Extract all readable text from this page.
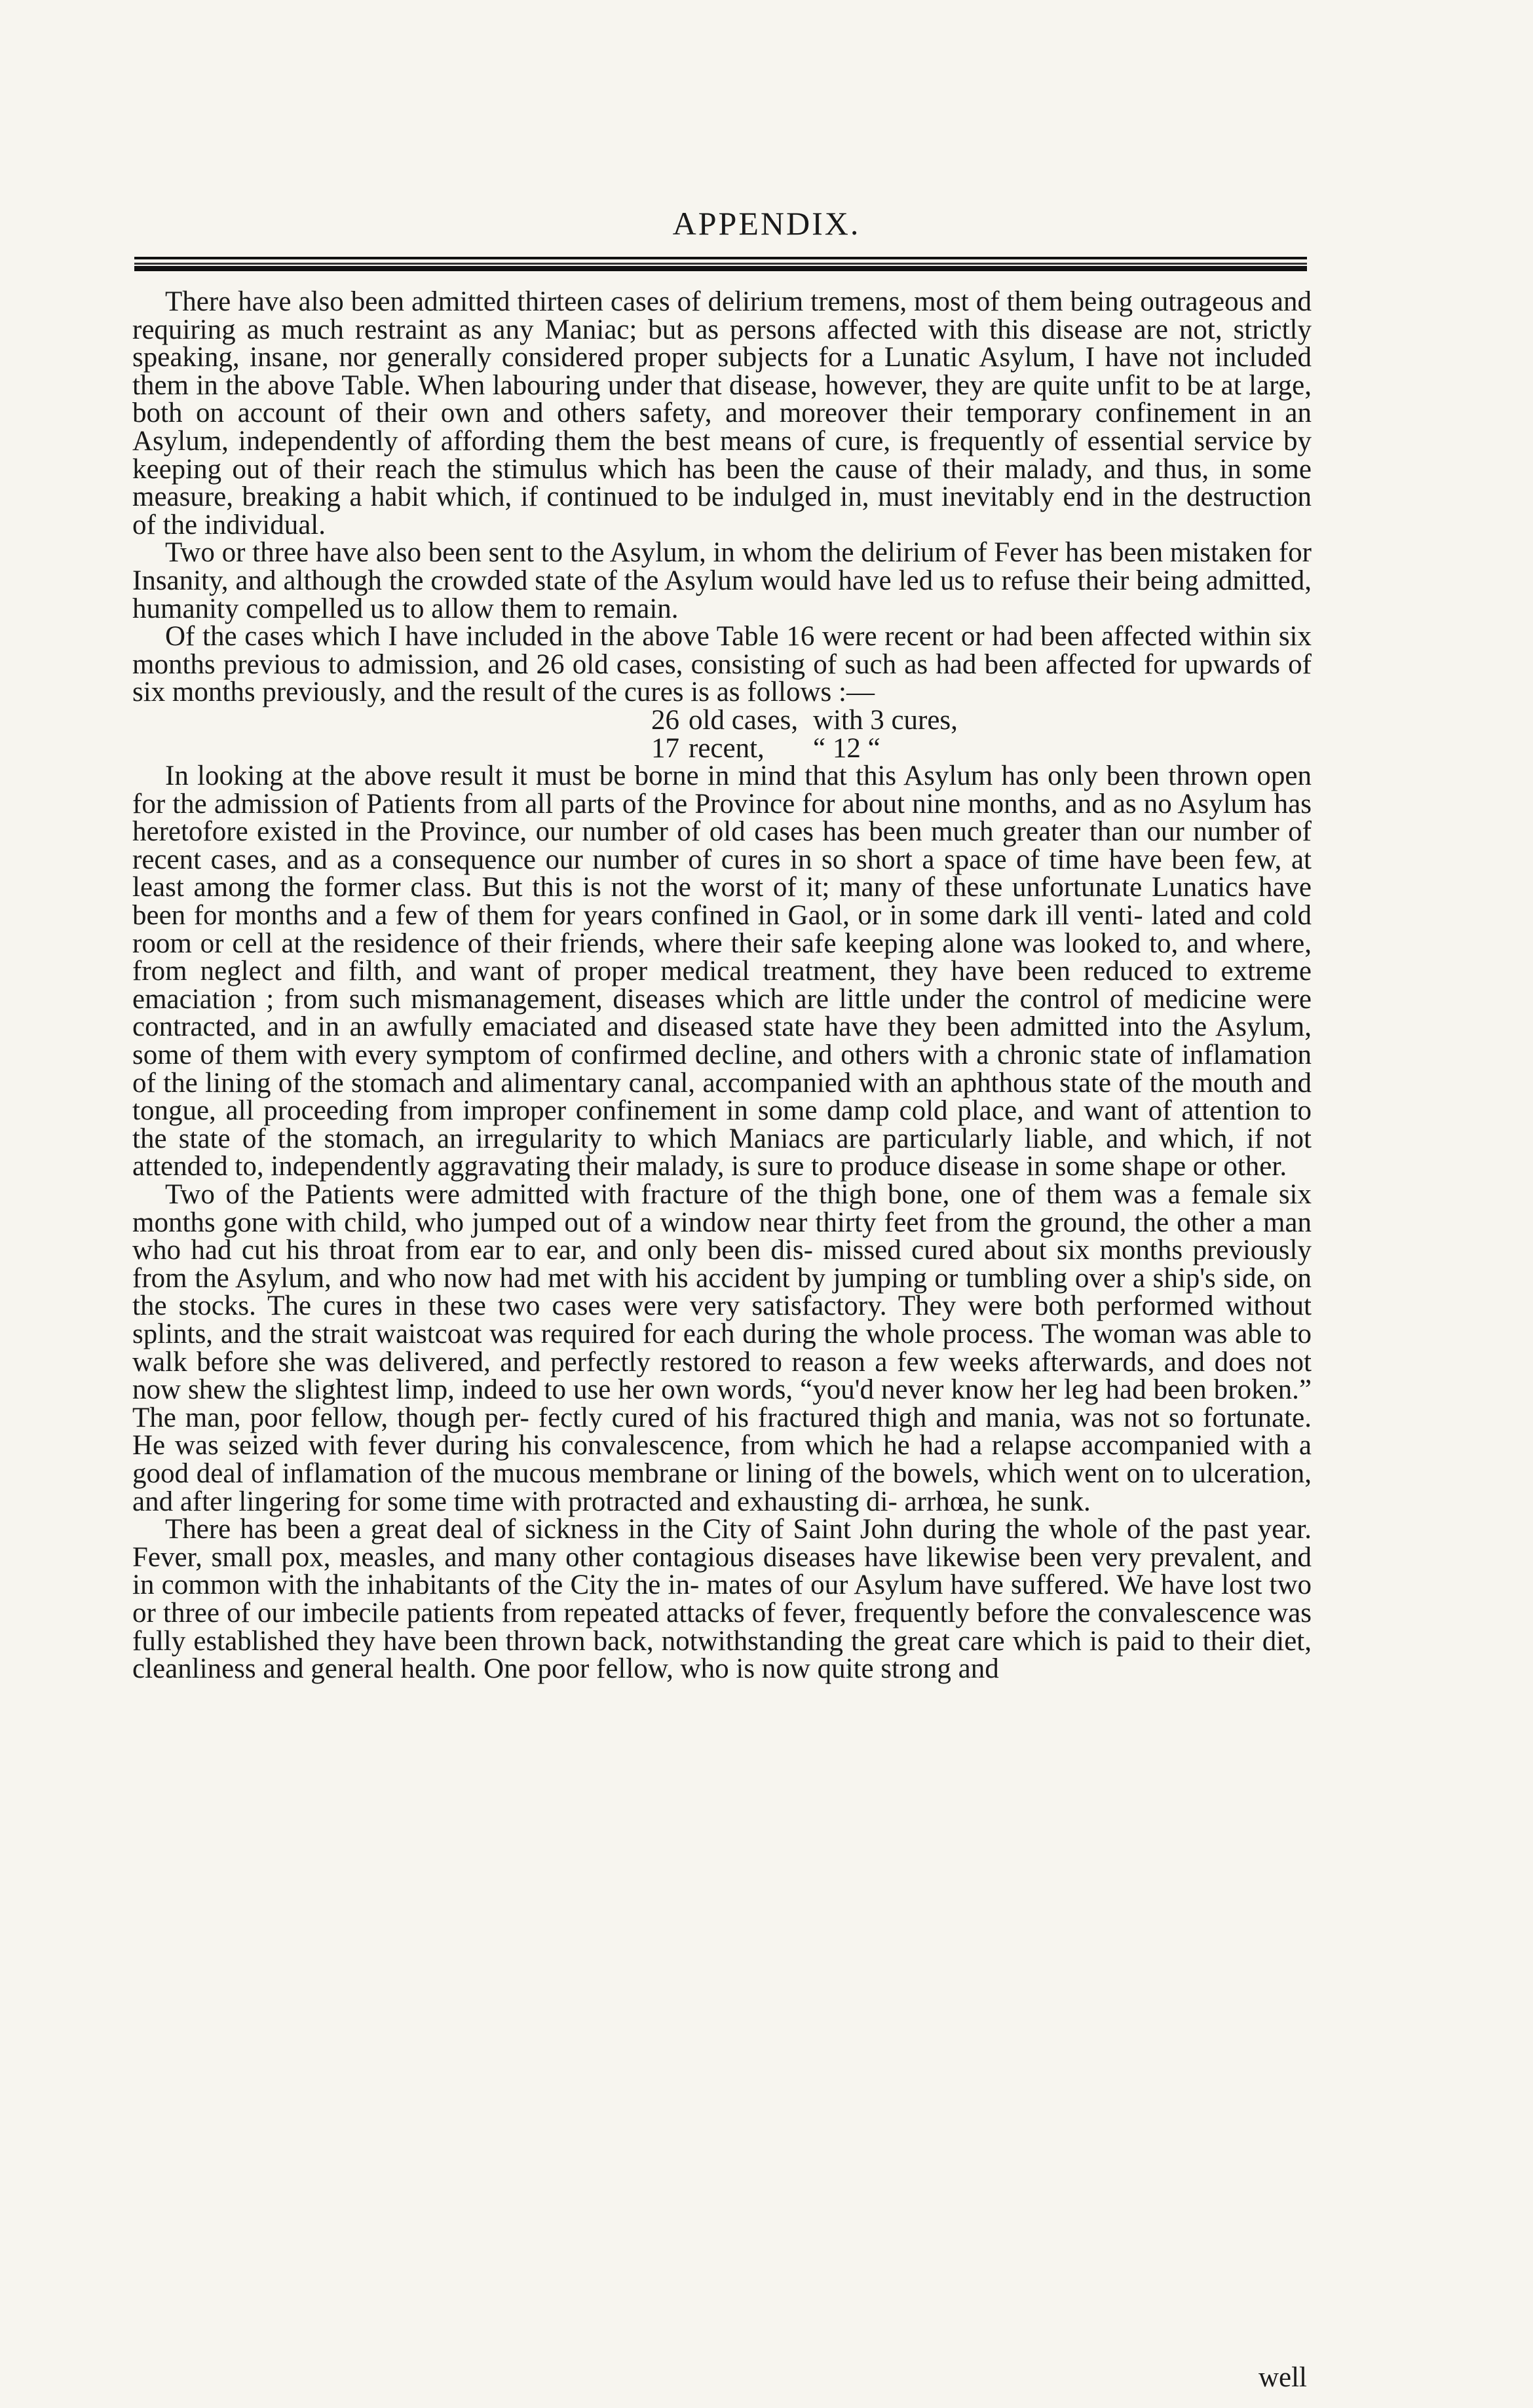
APPENDIX.

There have also been admitted thirteen cases of delirium tremens, most of them being outrageous and requiring as much restraint as any Maniac; but as persons affected with this disease are not, strictly speaking, insane, nor generally considered proper subjects for a Lunatic Asylum, I have not included them in the above Table. When labouring under that disease, however, they are quite unfit to be at large, both on account of their own and others safety, and moreover their temporary confinement in an Asylum, independently of affording them the best means of cure, is frequently of essential service by keeping out of their reach the stimulus which has been the cause of their malady, and thus, in some measure, breaking a habit which, if continued to be indulged in, must inevitably end in the destruction of the individual.

Two or three have also been sent to the Asylum, in whom the delirium of Fever has been mistaken for Insanity, and although the crowded state of the Asylum would have led us to refuse their being admitted, humanity compelled us to allow them to remain.

Of the cases which I have included in the above Table 16 were recent or had been affected within six months previous to admission, and 26 old cases, consisting of such as had been affected for upwards of six months previously, and the result of the cures is as follows :—

26 old cases, with 3 cures,
17 recent,	“ 12 “

In looking at the above result it must be borne in mind that this Asylum has only been thrown open for the admission of Patients from all parts of the Province for about nine months, and as no Asylum has heretofore existed in the Province, our number of old cases has been much greater than our number of recent cases, and as a consequence our number of cures in so short a space of time have been few, at least among the former class. But this is not the worst of it; many of these unfortunate Lunatics have been for months and a few of them for years confined in Gaol, or in some dark ill venti- lated and cold room or cell at the residence of their friends, where their safe keeping alone was looked to, and where, from neglect and filth, and want of proper medical treatment, they have been reduced to extreme emaciation ; from such mismanagement, diseases which are little under the control of medicine were contracted, and in an awfully emaciated and diseased state have they been admitted into the Asylum, some of them with every symptom of confirmed decline, and others with a chronic state of inflamation of the lining of the stomach and alimentary canal, accompanied with an aphthous state of the mouth and tongue, all proceeding from improper confinement in some damp cold place, and want of attention to the state of the stomach, an irregularity to which Maniacs are particularly liable, and which, if not attended to, independently aggravating their malady, is sure to produce disease in some shape or other.

Two of the Patients were admitted with fracture of the thigh bone, one of them was a female six months gone with child, who jumped out of a window near thirty feet from the ground, the other a man who had cut his throat from ear to ear, and only been dis- missed cured about six months previously from the Asylum, and who now had met with his accident by jumping or tumbling over a ship's side, on the stocks. The cures in these two cases were very satisfactory. They were both performed without splints, and the strait waistcoat was required for each during the whole process. The woman was able to walk before she was delivered, and perfectly restored to reason a few weeks afterwards, and does not now shew the slightest limp, indeed to use her own words, “you'd never know her leg had been broken.” The man, poor fellow, though per- fectly cured of his fractured thigh and mania, was not so fortunate. He was seized with fever during his convalescence, from which he had a relapse accompanied with a good deal of inflamation of the mucous membrane or lining of the bowels, which went on to ulceration, and after lingering for some time with protracted and exhausting di- arrhœa, he sunk.

There has been a great deal of sickness in the City of Saint John during the whole of the past year. Fever, small pox, measles, and many other contagious diseases have likewise been very prevalent, and in common with the inhabitants of the City the in- mates of our Asylum have suffered. We have lost two or three of our imbecile patients from repeated attacks of fever, frequently before the convalescence was fully established they have been thrown back, notwithstanding the great care which is paid to their diet, cleanliness and general health. One poor fellow, who is now quite strong and

well
